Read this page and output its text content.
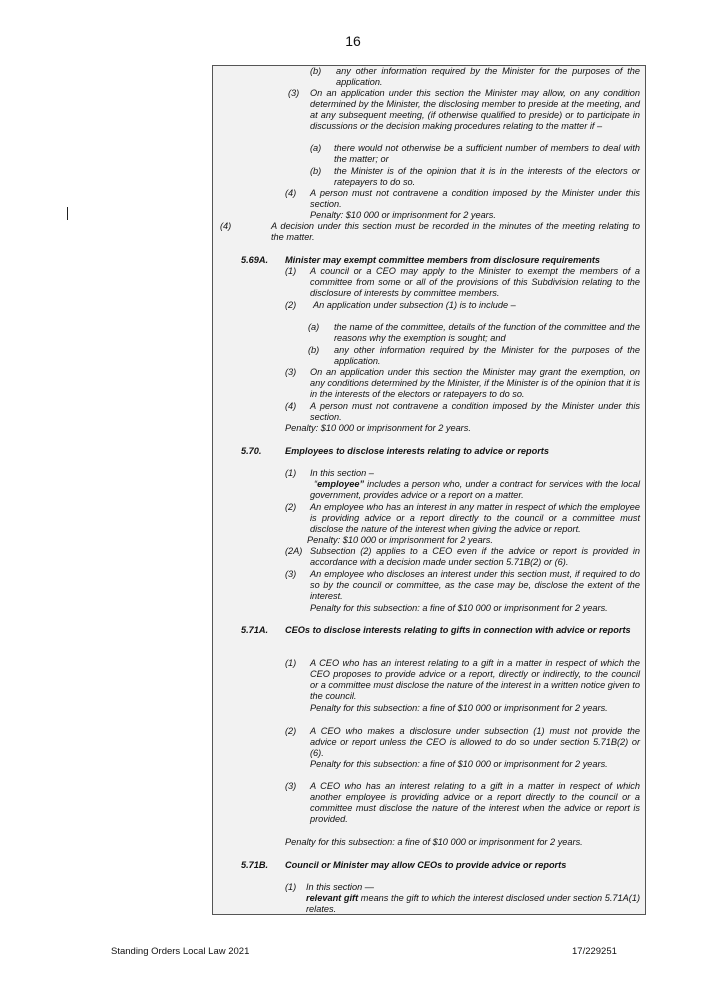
16
(b) any other information required by the Minister for the purposes of the application.
(3) On an application under this section the Minister may allow, on any condition determined by the Minister, the disclosing member to preside at the meeting, and at any subsequent meeting, (if otherwise qualified to preside) or to participate in discussions or the decision making procedures relating to the matter if –
(a) there would not otherwise be a sufficient number of members to deal with the matter; or
(b) the Minister is of the opinion that it is in the interests of the electors or ratepayers to do so.
(4) A person must not contravene a condition imposed by the Minister under this section.
Penalty: $10 000 or imprisonment for 2 years.
(4)	A decision under this section must be recorded in the minutes of the meeting relating to the matter.
5.69A. Minister may exempt committee members from disclosure requirements
(1) A council or a CEO may apply to the Minister to exempt the members of a committee from some or all of the provisions of this Subdivision relating to the disclosure of interests by committee members.
(2) An application under subsection (1) is to include –
(a) the name of the committee, details of the function of the committee and the reasons why the exemption is sought; and
(b) any other information required by the Minister for the purposes of the application.
(3) On an application under this section the Minister may grant the exemption, on any conditions determined by the Minister, if the Minister is of the opinion that it is in the interests of the electors or ratepayers to do so.
(4) A person must not contravene a condition imposed by the Minister under this section.
Penalty: $10 000 or imprisonment for 2 years.
5.70.	Employees to disclose interests relating to advice or reports
(1) In this section –
“employee” includes a person who, under a contract for services with the local government, provides advice or a report on a matter.
(2) An employee who has an interest in any matter in respect of which the employee is providing advice or a report directly to the council or a committee must disclose the nature of the interest when giving the advice or report.
Penalty: $10 000 or imprisonment for 2 years.
(2A) Subsection (2) applies to a CEO even if the advice or report is provided in accordance with a decision made under section 5.71B(2) or (6).
(3) An employee who discloses an interest under this section must, if required to do so by the council or committee, as the case may be, disclose the extent of the interest.
Penalty for this subsection: a fine of $10 000 or imprisonment for 2 years.
5.71A. CEOs to disclose interests relating to gifts in connection with advice or reports
(1) A CEO who has an interest relating to a gift in a matter in respect of which the CEO proposes to provide advice or a report, directly or indirectly, to the council or a committee must disclose the nature of the interest in a written notice given to the council.
Penalty for this subsection: a fine of $10 000 or imprisonment for 2 years.
(2) A CEO who makes a disclosure under subsection (1) must not provide the advice or report unless the CEO is allowed to do so under section 5.71B(2) or (6).
Penalty for this subsection: a fine of $10 000 or imprisonment for 2 years.
(3) A CEO who has an interest relating to a gift in a matter in respect of which another employee is providing advice or a report directly to the council or a committee must disclose the nature of the interest when the advice or report is provided.
Penalty for this subsection: a fine of $10 000 or imprisonment for 2 years.
5.71B. Council or Minister may allow CEOs to provide advice or reports
(1) In this section —
relevant gift means the gift to which the interest disclosed under section 5.71A(1) relates.
Standing Orders Local Law 2021	17/229251
